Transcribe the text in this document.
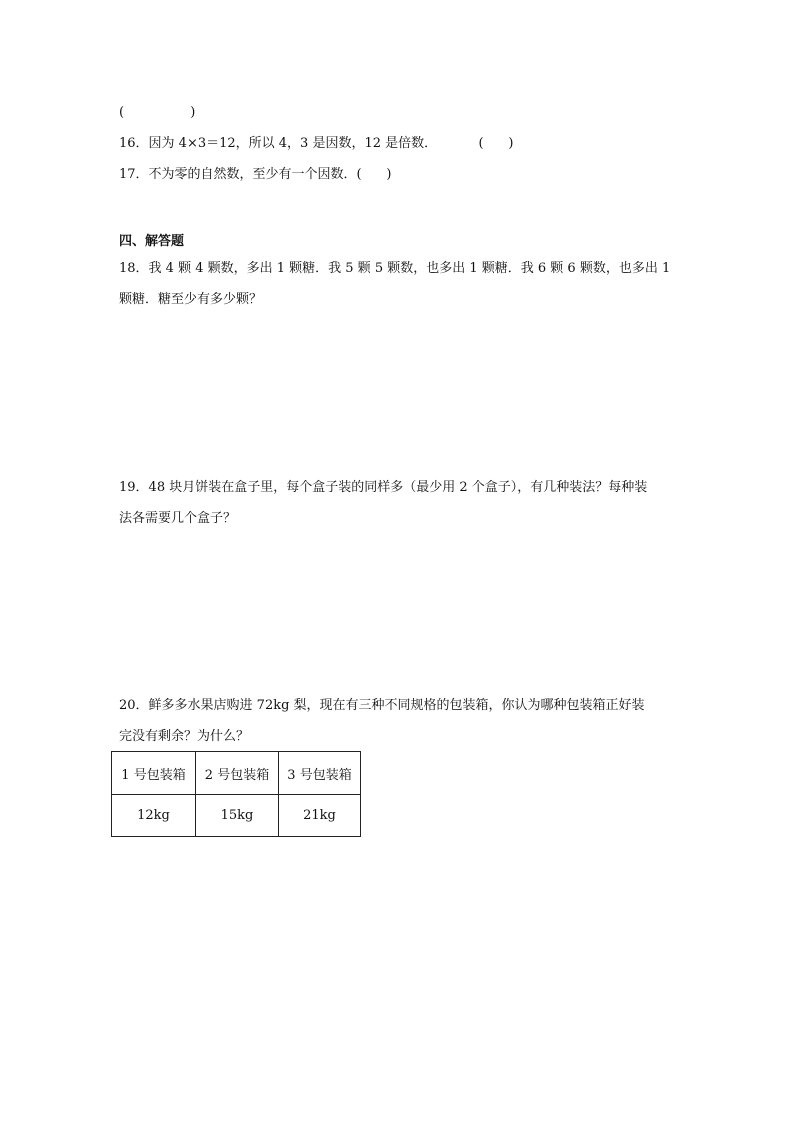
(                )
16．因为 4×3＝12，所以 4，3 是因数，12 是倍数．          (      )
17．不为零的自然数，至少有一个因数．(      )
四、解答题
18．我 4 颗 4 颗数，多出 1 颗糖．我 5 颗 5 颗数，也多出 1 颗糖．我 6 颗 6 颗数，也多出 1
颗糖．糖至少有多少颗？
19．48 块月饼装在盒子里，每个盒子装的同样多（最少用 2 个盒子），有几种装法？每种装
法各需要几个盒子？
20．鲜多多水果店购进 72kg 梨，现在有三种不同规格的包装箱，你认为哪种包装箱正好装
完没有剩余？为什么？
1 号包装箱	2 号包装箱	3 号包装箱
12kg	15kg	21kg
